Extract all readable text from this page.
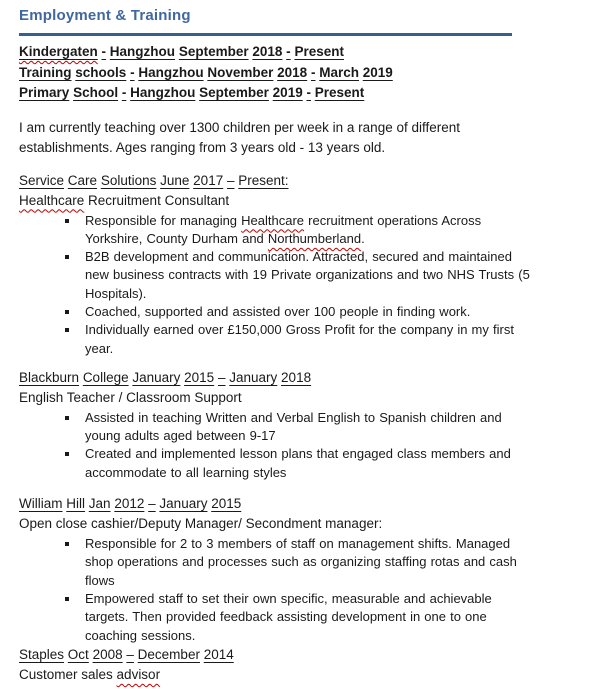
Employment & Training

Kindergaten - Hangzhou September 2018 - Present

Training schools - Hangzhou November 2018 - March 2019

Primary School - Hangzhou September 2019 - Present

I am currently teaching over 1300 children per week in a range of different
establishments. Ages ranging from 3 years old - 13 years old.

Service Care Solutions June 2017 – Present:

Healthcare Recruitment Consultant

Responsible for managing Healthcare recruitment operations Across
Yorkshire, County Durham and Northumberland.
B2B development and communication. Attracted, secured and maintained
new business contracts with 19 Private organizations and two NHS Trusts (5
Hospitals).
Coached, supported and assisted over 100 people in finding work.
Individually earned over £150,000 Gross Profit for the company in my first
year.

Blackburn College January 2015 – January 2018

English Teacher / Classroom Support

Assisted in teaching Written and Verbal English to Spanish children and
young adults aged between 9-17
Created and implemented lesson plans that engaged class members and
accommodate to all learning styles

William Hill Jan 2012 – January 2015

Open close cashier/Deputy Manager/ Secondment manager:

Responsible for 2 to 3 members of staff on management shifts. Managed
shop operations and processes such as organizing staffing rotas and cash
flows
Empowered staff to set their own specific, measurable and achievable
targets. Then provided feedback assisting development in one to one
coaching sessions.

Staples Oct 2008 – December 2014

Customer sales advisor
